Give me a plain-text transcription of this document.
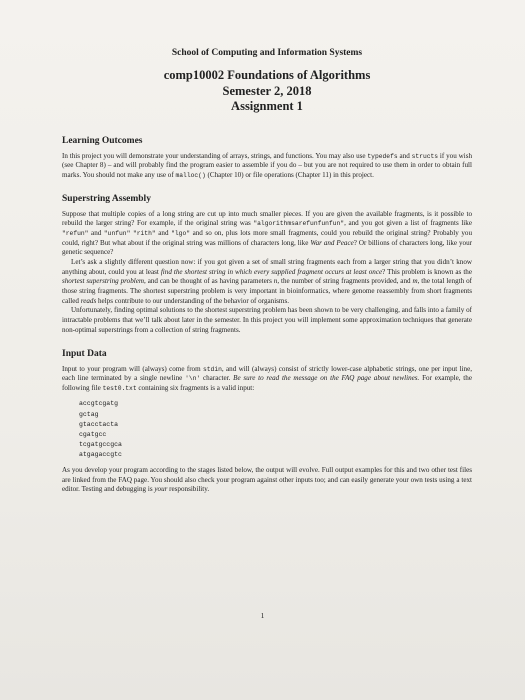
School of Computing and Information Systems
comp10002 Foundations of Algorithms
Semester 2, 2018
Assignment 1
Learning Outcomes

In this project you will demonstrate your understanding of arrays, strings, and functions. You may also use typedefs and structs if you wish (see Chapter 8) – and will probably find the program easier to assemble if you do – but you are not required to use them in order to obtain full marks. You should not make any use of malloc() (Chapter 10) or file operations (Chapter 11) in this project.

Superstring Assembly

Suppose that multiple copies of a long string are cut up into much smaller pieces. If you are given the available fragments, is it possible to rebuild the larger string? For example, if the original string was "algorithmsarefunfunfun", and you got given a list of fragments like "refun" and "unfun" "rith" and "lgo" and so on, plus lots more small fragments, could you rebuild the original string? Probably you could, right? But what about if the original string was millions of characters long, like War and Peace? Or billions of characters long, like your genetic sequence?

Let’s ask a slightly different question now: if you got given a set of small string fragments each from a larger string that you didn’t know anything about, could you at least find the shortest string in which every supplied fragment occurs at least once? This problem is known as the shortest superstring problem, and can be thought of as having parameters n, the number of string fragments provided, and m, the total length of those string fragments. The shortest superstring problem is very important in bioinformatics, where genome reassembly from short fragments called reads helps contribute to our understanding of the behavior of organisms.

Unfortunately, finding optimal solutions to the shortest superstring problem has been shown to be very challenging, and falls into a family of intractable problems that we’ll talk about later in the semester. In this project you will implement some approximation techniques that generate non-optimal superstrings from a collection of string fragments.

Input Data

Input to your program will (always) come from stdin, and will (always) consist of strictly lower-case alphabetic strings, one per input line, each line terminated by a single newline '\n' character. Be sure to read the message on the FAQ page about newlines. For example, the following file test0.txt containing six fragments is a valid input:

accgtcgatg
gctag
gtacctacta
cgatgcc
tcgatgccgca
atgagaccgtc

As you develop your program according to the stages listed below, the output will evolve. Full output examples for this and two other test files are linked from the FAQ page. You should also check your program against other inputs too; and can easily generate your own tests using a text editor. Testing and debugging is your responsibility.

1
